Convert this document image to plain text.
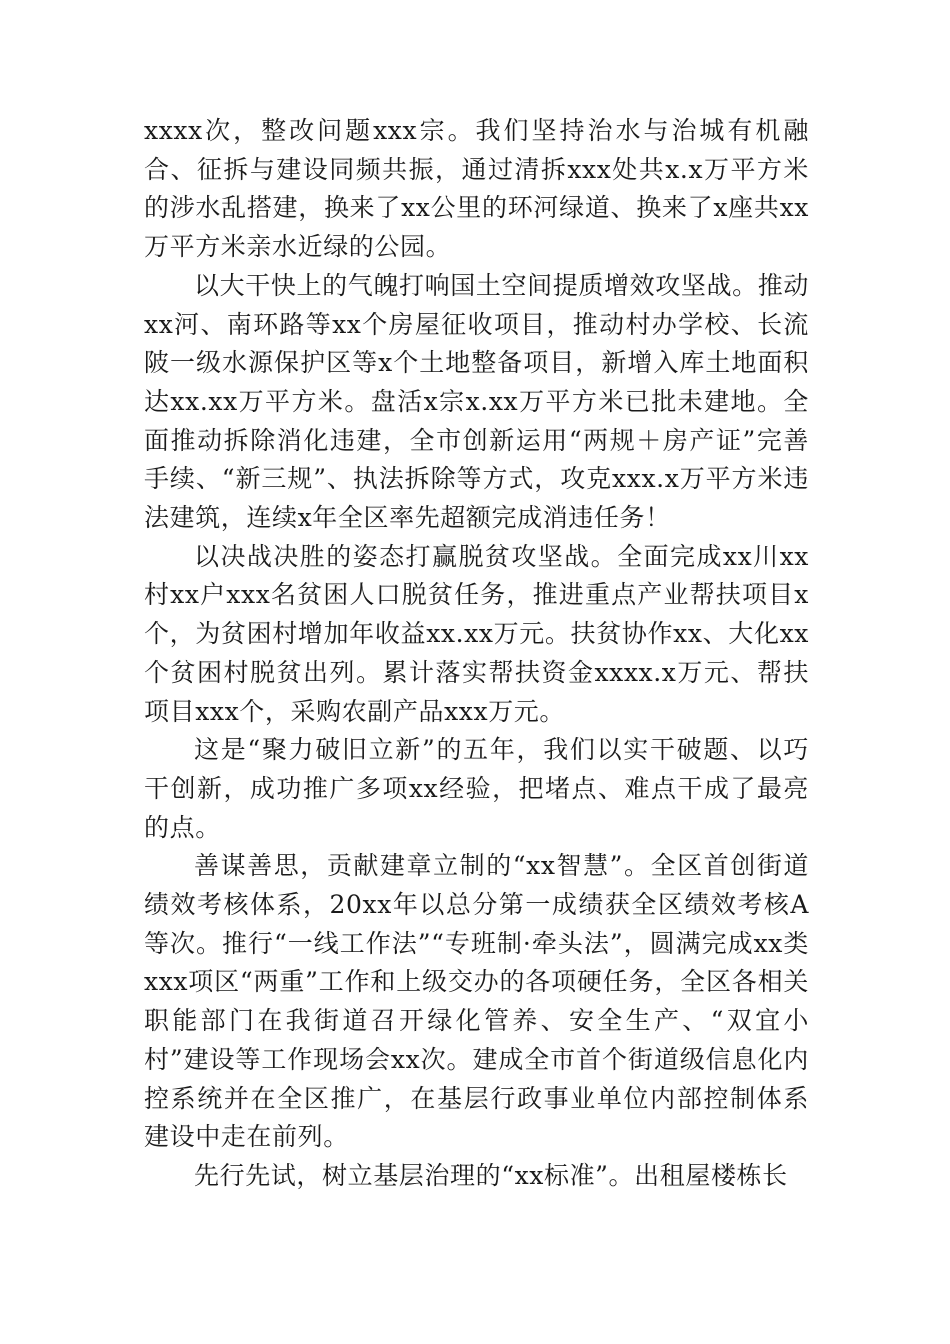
xxxx次，整改问题xxx宗。我们坚持治水与治城有机融合、征拆与建设同频共振，通过清拆xxx处共x.x万平方米的涉水乱搭建，换来了xx公里的环河绿道、换来了x座共xx万平方米亲水近绿的公园。

以大干快上的气魄打响国土空间提质增效攻坚战。推动xx河、南环路等xx个房屋征收项目，推动村办学校、长流陂一级水源保护区等x个土地整备项目，新增入库土地面积达xx.xx万平方米。盘活x宗x.xx万平方米已批未建地。全面推动拆除消化违建，全市创新运用“两规＋房产证”完善手续、“新三规”、执法拆除等方式，攻克xxx.x万平方米违法建筑，连续x年全区率先超额完成消违任务！

以决战决胜的姿态打赢脱贫攻坚战。全面完成xx川xx村xx户xxx名贫困人口脱贫任务，推进重点产业帮扶项目x个，为贫困村增加年收益xx.xx万元。扶贫协作xx、大化xx个贫困村脱贫出列。累计落实帮扶资金xxxx.x万元、帮扶项目xxx个，采购农副产品xxx万元。

这是“聚力破旧立新”的五年，我们以实干破题、以巧干创新，成功推广多项xx经验，把堵点、难点干成了最亮的点。

善谋善思，贡献建章立制的“xx智慧”。全区首创街道绩效考核体系，20xx年以总分第一成绩获全区绩效考核A等次。推行“一线工作法”“专班制·牵头法”，圆满完成xx类xxx项区“两重”工作和上级交办的各项硬任务，全区各相关职能部门在我街道召开绿化管养、安全生产、“双宜小村”建设等工作现场会xx次。建成全市首个街道级信息化内控系统并在全区推广，在基层行政事业单位内部控制体系建设中走在前列。

先行先试，树立基层治理的“xx标准”。出租屋楼栋长
